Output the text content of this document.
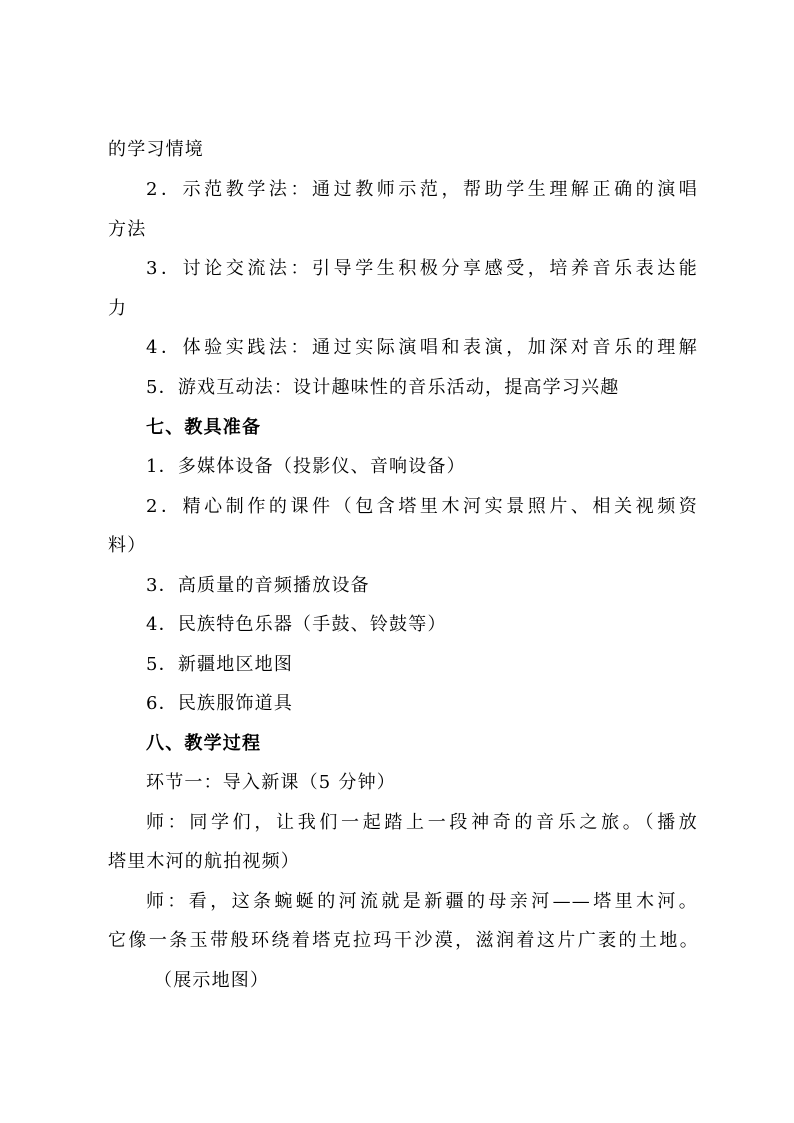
的学习情境
2．示范教学法：通过教师示范，帮助学生理解正确的演唱
方法
3．讨论交流法：引导学生积极分享感受，培养音乐表达能
力
4．体验实践法：通过实际演唱和表演，加深对音乐的理解
5．游戏互动法：设计趣味性的音乐活动，提高学习兴趣
七、教具准备
1．多媒体设备（投影仪、音响设备）
2．精心制作的课件（包含塔里木河实景照片、相关视频资
料）
3．高质量的音频播放设备
4．民族特色乐器（手鼓、铃鼓等）
5．新疆地区地图
6．民族服饰道具
八、教学过程
环节一：导入新课（5 分钟）
师：同学们，让我们一起踏上一段神奇的音乐之旅。（播放
塔里木河的航拍视频）
师：看，这条蜿蜒的河流就是新疆的母亲河——塔里木河。
它像一条玉带般环绕着塔克拉玛干沙漠，滋润着这片广袤的土地。
（展示地图）
